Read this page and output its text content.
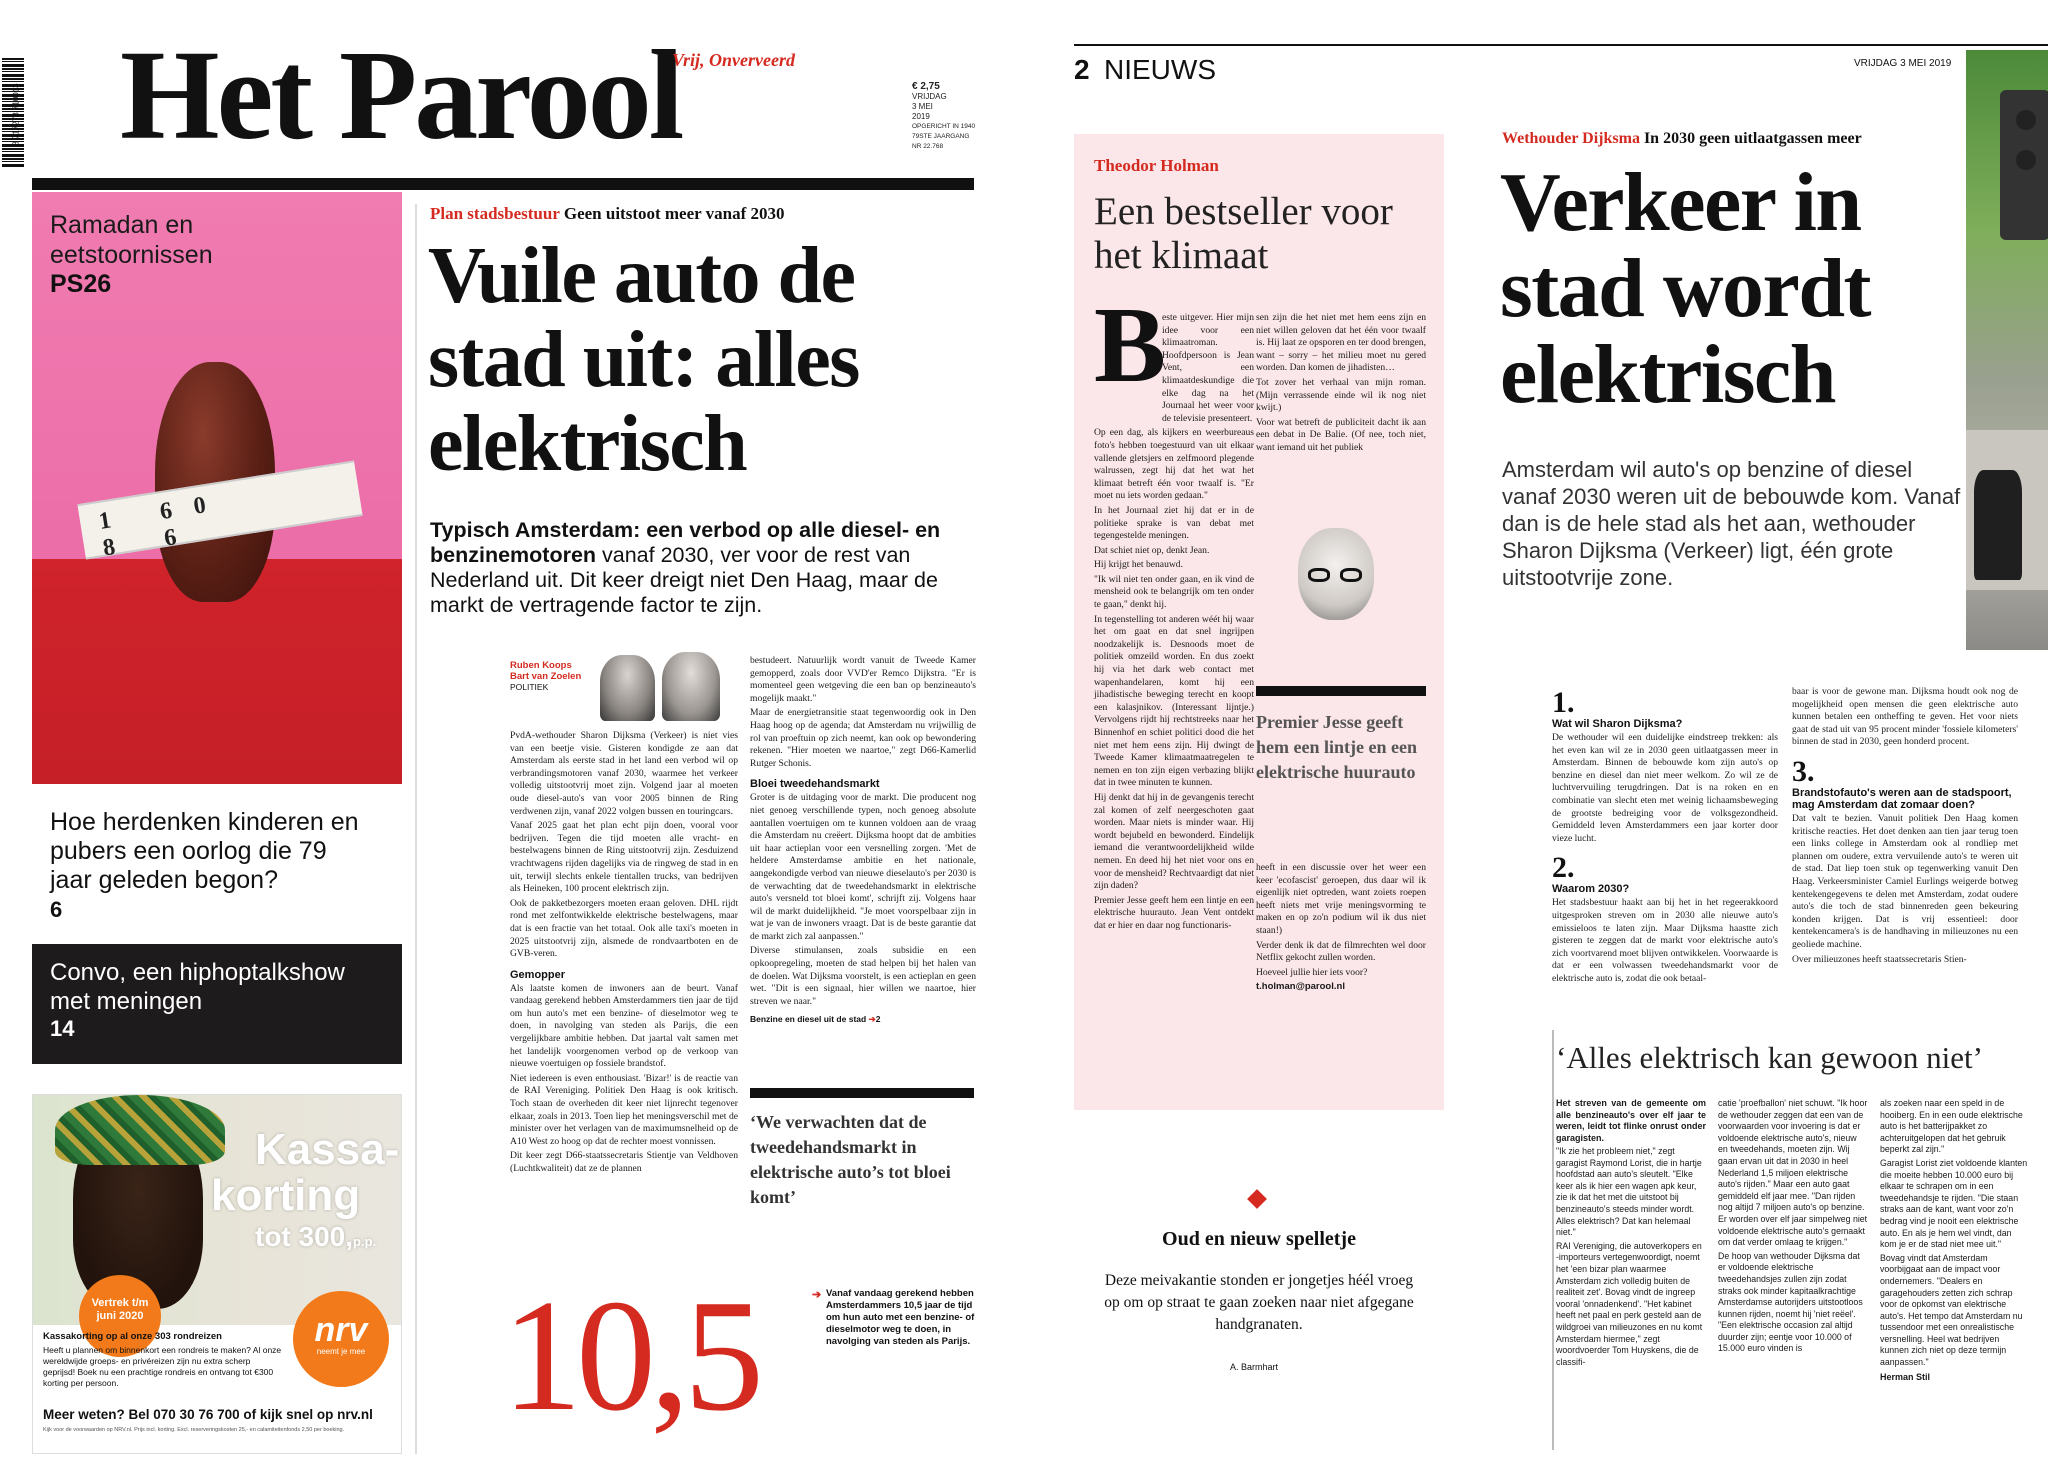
8 717278 710013 Het Parool
Vrij, Onverveerd
€ 2,75
VRIJDAG
3 MEI
2019
OPGERICHT IN 1940
79STE JAARGANG
NR 22.768
Ramadan en eetstoornissen
PS26
1 60 8 6
Hoe herdenken kinderen en pubers een oorlog die 79 jaar geleden begon?
6
Convo, een hiphoptalkshow met meningen
14
Kassa-
korting
tot 300,p.p.
Vertrek t/m
juni 2020	nrv
neemt je mee
Kassakorting op al onze 303 rondreizen
Heeft u plannen om binnenkort een rondreis te maken? Al onze wereldwijde groeps- en privéreizen zijn nu extra scherp geprijsd! Boek nu een prachtige rondreis en ontvang tot €300 korting per persoon.
Meer weten? Bel 070 30 76 700 of kijk snel op nrv.nl
Kijk voor de voorwaarden op NRV.nl. Prijs incl. korting. Excl. reserveringskosten 25,- en calamiteitenfonds 2,50 per boeking.
Plan stadsbestuur Geen uitstoot meer vanaf 2030
Vuile auto de stad uit: alles elektrisch
Typisch Amsterdam: een verbod op alle diesel- en benzinemotoren vanaf 2030, ver voor de rest van Nederland uit. Dit keer dreigt niet Den Haag, maar de markt de vertragende factor te zijn.
Ruben Koops
Bart van Zoelen
POLITIEK

PvdA-wethouder Sharon Dijksma (Verkeer) is niet vies van een beetje visie. Gisteren kondigde ze aan dat Amsterdam als eerste stad in het land een verbod wil op verbrandingsmotoren vanaf 2030, waarmee het verkeer volledig uitstootvrij moet zijn. Volgend jaar al moeten oude diesel-auto's van voor 2005 binnen de Ring verdwenen zijn, vanaf 2022 volgen bussen en touringcars.

Vanaf 2025 gaat het plan echt pijn doen, vooral voor bedrijven. Tegen die tijd moeten alle vracht- en bestelwagens binnen de Ring uitstootvrij zijn. Zesduizend vrachtwagens rijden dagelijks via de ringweg de stad in en uit, terwijl slechts enkele tientallen trucks, van bedrijven als Heineken, 100 procent elektrisch zijn.

Ook de pakketbezorgers moeten eraan geloven. DHL rijdt rond met zelfontwikkelde elektrische bestelwagens, maar dat is een fractie van het totaal. Ook alle taxi's moeten in 2025 uitstootvrij zijn, alsmede de rondvaartboten en de GVB-veren.

Gemopper

Als laatste komen de inwoners aan de beurt. Vanaf vandaag gerekend hebben Amsterdammers tien jaar de tijd om hun auto's met een benzine- of dieselmotor weg te doen, in navolging van steden als Parijs, die een vergelijkbare ambitie hebben. Dat jaartal valt samen met het landelijk voorgenomen verbod op de verkoop van nieuwe voertuigen op fossiele brandstof.

Niet iedereen is even enthousiast. 'Bizar!' is de reactie van de RAI Vereniging. Politiek Den Haag is ook kritisch. Toch staan de overheden dit keer niet lijnrecht tegenover elkaar, zoals in 2013. Toen liep het meningsverschil met de minister over het verlagen van de maximumsnelheid op de A10 West zo hoog op dat de rechter moest vonnissen.

Dit keer zegt D66-staatssecretaris Stientje van Veldhoven (Luchtkwaliteit) dat ze de plannen

bestudeert. Natuurlijk wordt vanuit de Tweede Kamer gemopperd, zoals door VVD'er Remco Dijkstra. "Er is momenteel geen wetgeving die een ban op benzineauto's mogelijk maakt."

Maar de energietransitie staat tegenwoordig ook in Den Haag hoog op de agenda; dat Amsterdam nu vrijwillig de rol van proeftuin op zich neemt, kan ook op bewondering rekenen. "Hier moeten we naartoe," zegt D66-Kamerlid Rutger Schonis.

Bloei tweedehandsmarkt

Groter is de uitdaging voor de markt. Die producent nog niet genoeg verschillende typen, noch genoeg absolute aantallen voertuigen om te kunnen voldoen aan de vraag die Amsterdam nu creëert. Dijksma hoopt dat de ambities uit haar actieplan voor een versnelling zorgen. 'Met de heldere Amsterdamse ambitie en het nationale, aangekondigde verbod van nieuwe dieselauto's per 2030 is de verwachting dat de tweedehandsmarkt in elektrische auto's versneld tot bloei komt', schrijft zij. Volgens haar wil de markt duidelijkheid. "Je moet voorspelbaar zijn in wat je van de inwoners vraagt. Dat is de beste garantie dat de markt zich zal aanpassen."

Diverse stimulansen, zoals subsidie en een opkoopregeling, moeten de stad helpen bij het halen van de doelen. Wat Dijksma voorstelt, is een actieplan en geen wet. "Dit is een signaal, hier willen we naartoe, hier streven we naar."

Benzine en diesel uit de stad ➔2
‘We verwachten dat de tweedehandsmarkt in elektrische auto’s tot bloei komt’
10,5	➔ Vanaf vandaag gerekend hebben Amsterdammers 10,5 jaar de tijd om hun auto met een benzine- of dieselmotor weg te doen, in navolging van steden als Parijs.
2 NIEUWS	VRIJDAG 3 MEI 2019
Theodor Holman
Een bestseller voor het klimaat
B

este uitgever. Hier mijn idee voor een klimaatroman. Hoofdpersoon is Jean Vent, een klimaatdeskundige die elke dag na het Journaal het weer voor de televisie presenteert.

Op een dag, als kijkers en weerbureaus foto's hebben toegestuurd van uit elkaar vallende gletsjers en zelfmoord plegende walrussen, zegt hij dat het wat het klimaat betreft één voor twaalf is. "Er moet nu iets worden gedaan."

In het Journaal ziet hij dat er in de politieke sprake is van debat met tegengestelde meningen.

Dat schiet niet op, denkt Jean.

Hij krijgt het benauwd.

"Ik wil niet ten onder gaan, en ik vind de mensheid ook te belangrijk om ten onder te gaan," denkt hij.

In tegenstelling tot anderen wéét hij waar het om gaat en dat snel ingrijpen noodzakelijk is. Desnoods moet de politiek omzeild worden. En dus zoekt hij via het dark web contact met wapenhandelaren, komt hij een jihadistische beweging terecht en koopt een kalasjnikov. (Interessant lijntje.) Vervolgens rijdt hij rechtstreeks naar het Binnenhof en schiet politici dood die het niet met hem eens zijn. Hij dwingt de Tweede Kamer klimaatmaatregelen te nemen en ton zijn eigen verbazing blijkt dat in twee minuten te kunnen.

Hij denkt dat hij in de gevangenis terecht zal komen of zelf neergeschoten gaat worden. Maar niets is minder waar. Hij wordt bejubeld en bewonderd. Eindelijk iemand die verantwoordelijkheid wilde nemen. En deed hij het niet voor ons en voor de mensheid? Rechtvaardigt dat niet zijn daden?

Premier Jesse geeft hem een lintje en een elektrische huurauto. Jean Vent ontdekt dat er hier en daar nog functionaris-

sen zijn die het niet met hem eens zijn en niet willen geloven dat het één voor twaalf is. Hij laat ze opsporen en ter dood brengen, want – sorry – het milieu moet nu gered worden. Dan komen de jihadisten…

Tot zover het verhaal van mijn roman. (Mijn verrassende einde wil ik nog niet kwijt.)

Voor wat betreft de publiciteit dacht ik aan een debat in De Balie. (Of nee, toch niet, want iemand uit het publiek

Premier Jesse geeft hem een lintje en een elektrische huurauto

heeft in een discussie over het weer een keer 'ecofascist' geroepen, dus daar wil ik eigenlijk niet optreden, want zoiets roepen heeft niets met vrije meningsvorming te maken en op zo'n podium wil ik dus niet staan!)

Verder denk ik dat de filmrechten wel door Netflix gekocht zullen worden.

Hoeveel jullie hier iets voor?

t.holman@parool.nl

Oud en nieuw spelletje
Deze meivakantie stonden er jongetjes héél vroeg op om op straat te gaan zoeken naar niet afgegane handgranaten.
A. Barmhart
Wethouder Dijksma In 2030 geen uitlaatgassen meer
Verkeer in stad wordt elektrisch
Amsterdam wil auto's op benzine of diesel vanaf 2030 weren uit de bebouwde kom. Vanaf dan is de hele stad als het aan, wethouder Sharon Dijksma (Verkeer) ligt, één grote uitstootvrije zone.
1.
Wat wil Sharon Dijksma?

De wethouder wil een duidelijke eindstreep trekken: als het even kan wil ze in 2030 geen uitlaatgassen meer in Amsterdam. Binnen de bebouwde kom zijn auto's op benzine en diesel dan niet meer welkom. Zo wil ze de luchtvervuiling terugdringen. Dat is na roken en en combinatie van slecht eten met weinig lichaamsbeweging de grootste bedreiging voor de volksgezondheid. Gemiddeld leven Amsterdammers een jaar korter door vieze lucht.

2.
Waarom 2030?

Het stadsbestuur haakt aan bij het in het regeerakkoord uitgesproken streven om in 2030 alle nieuwe auto's emissieloos te laten zijn. Maar Dijksma haastte zich gisteren te zeggen dat de markt voor elektrische auto's zich voortvarend moet blijven ontwikkelen. Voorwaarde is dat er een volwassen tweedehandsmarkt voor de elektrische auto is, zodat die ook betaal-

baar is voor de gewone man. Dijksma houdt ook nog de mogelijkheid open mensen die geen elektrische auto kunnen betalen een ontheffing te geven. Het voor niets gaat de stad uit van 95 procent minder 'fossiele kilometers' binnen de stad in 2030, geen honderd procent.

3.
Brandstofauto's weren aan de stadspoort, mag Amsterdam dat zomaar doen?

Dat valt te bezien. Vanuit politiek Den Haag komen kritische reacties. Het doet denken aan tien jaar terug toen een links college in Amsterdam ook al rondliep met plannen om oudere, extra vervuilende auto's te weren uit de stad. Dat liep toen stuk op tegenwerking vanuit Den Haag. Verkeersminister Camiel Eurlings weigerde botweg kentekengegevens te delen met Amsterdam, zodat oudere auto's die toch de stad binnenreden geen bekeuring konden krijgen. Dat is vrij essentieel: door kentekencamera's is de handhaving in milieuzones nu een geoliede machine.

Over milieuzones heeft staatssecretaris Stien-

‘Alles elektrisch kan gewoon niet’

Het streven van de gemeente om alle benzineauto's over elf jaar te weren, leidt tot flinke onrust onder garagisten.

"Ik zie het probleem niet," zegt garagist Raymond Lorist, die in hartje hoofdstad aan auto's sleutelt. "Elke keer als ik hier een wagen apk keur, zie ik dat het met die uitstoot bij benzineauto's steeds minder wordt. Alles elektrisch? Dat kan helemaal niet."

RAI Vereniging, die autoverkopers en -importeurs vertegenwoordigt, noemt het 'een bizar plan waarmee Amsterdam zich volledig buiten de realiteit zet'. Bovag vindt de ingreep vooral 'onnadenkend'. "Het kabinet heeft net paal en perk gesteld aan de wildgroei van milieuzones en nu komt Amsterdam hiermee," zegt woordvoerder Tom Huyskens, die de classifi-

catie 'proefballon' niet schuwt. "Ik hoor de wethouder zeggen dat een van de voorwaarden voor invoering is dat er voldoende elektrische auto's, nieuw en tweedehands, moeten zijn. Wij gaan ervan uit dat in 2030 in heel Nederland 1,5 miljoen elektrische auto's rijden." Maar een auto gaat gemiddeld elf jaar mee. "Dan rijden nog altijd 7 miljoen auto's op benzine. Er worden over elf jaar simpelweg niet voldoende elektrische auto's gemaakt om dat verder omlaag te krijgen."

De hoop van wethouder Dijksma dat er voldoende elektrische tweedehandsjes zullen zijn zodat straks ook minder kapitaalkrachtige Amsterdamse autorijders uitstootloos kunnen rijden, noemt hij 'niet reëel'. "Een elektrische occasion zal altijd duurder zijn; eentje voor 10.000 of 15.000 euro vinden is

als zoeken naar een speld in de hooiberg. En in een oude elektrische auto is het batterijpakket zo achteruitgelopen dat het gebruik beperkt zal zijn."

Garagist Lorist ziet voldoende klanten die moeite hebben 10.000 euro bij elkaar te schrapen om in een tweedehandsje te rijden. "Die staan straks aan de kant, want voor zo'n bedrag vind je nooit een elektrische auto. En als je hem wel vindt, dan kom je er de stad niet mee uit."

Bovag vindt dat Amsterdam voorbijgaat aan de impact voor ondernemers. "Dealers en garagehouders zetten zich schrap voor de opkomst van elektrische auto's. Het tempo dat Amsterdam nu tussendoor met een onrealistische versnelling. Heel wat bedrijven kunnen zich niet op deze termijn aanpassen."

Herman Stil
